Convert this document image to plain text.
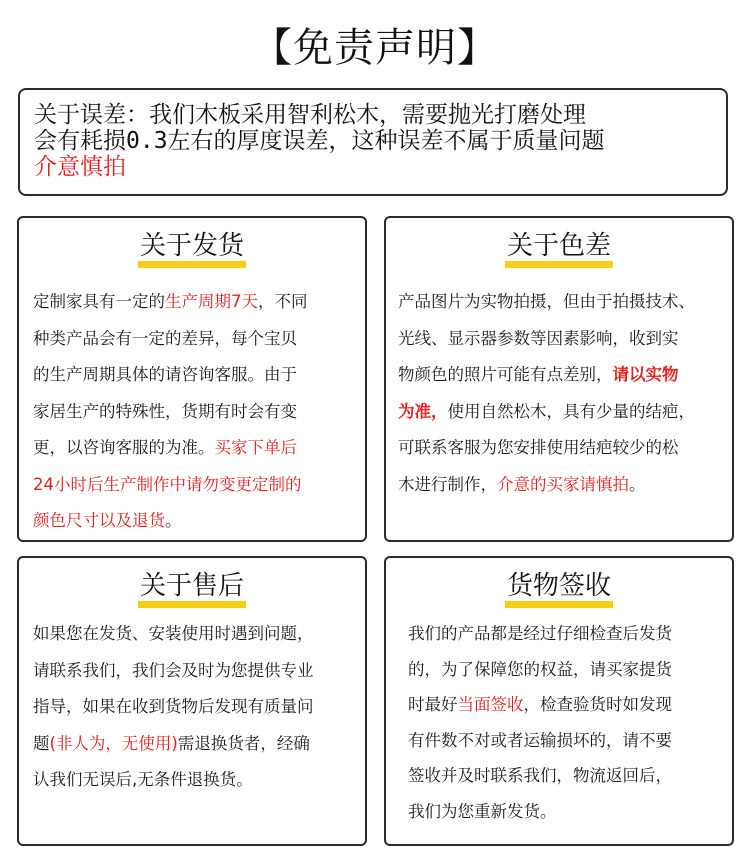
【免责声明】
关于误差：我们木板采用智利松木，需要抛光打磨处理
会有耗损0.3左右的厚度误差，这种误差不属于质量问题
介意慎拍
关于发货
定制家具有一定的生产周期7天，不同
种类产品会有一定的差异，每个宝贝
的生产周期具体的请咨询客服。由于
家居生产的特殊性，货期有时会有变
更，以咨询客服的为准。买家下单后
24小时后生产制作中请勿变更定制的
颜色尺寸以及退货。
关于色差
产品图片为实物拍摄，但由于拍摄技术、
光线、显示器参数等因素影响，收到实
物颜色的照片可能有点差别，请以实物
为准，使用自然松木，具有少量的结疤，
可联系客服为您安排使用结疤较少的松
木进行制作，介意的买家请慎拍。
关于售后
如果您在发货、安装使用时遇到问题，
请联系我们，我们会及时为您提供专业
指导，如果在收到货物后发现有质量问
题(非人为，无使用)需退换货者，经确
认我们无误后,无条件退换货。
货物签收
我们的产品都是经过仔细检查后发货
的，为了保障您的权益，请买家提货
时最好当面签收，检查验货时如发现
有件数不对或者运输损坏的，请不要
签收并及时联系我们，物流返回后，
我们为您重新发货。
